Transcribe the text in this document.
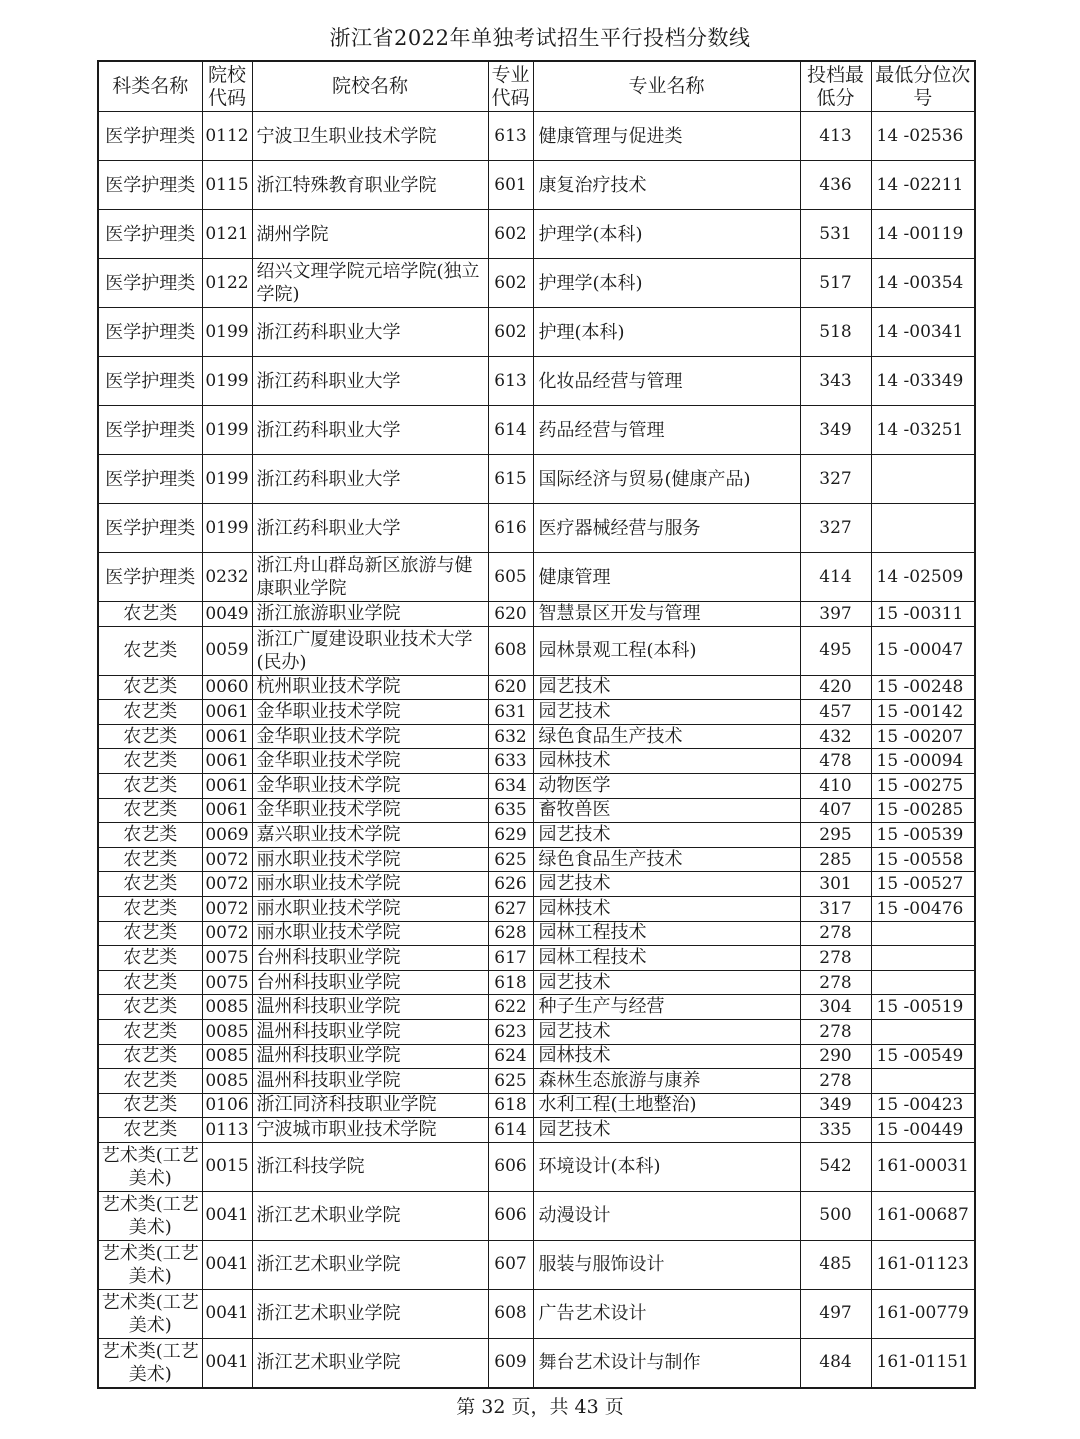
浙江省2022年单独考试招生平行投档分数线
科类名称	院校代码	院校名称	专业代码	专业名称	投档最低分	最低分位次号
医学护理类	0112	宁波卫生职业技术学院	613	健康管理与促进类	413	14 -02536
医学护理类	0115	浙江特殊教育职业学院	601	康复治疗技术	436	14 -02211
医学护理类	0121	湖州学院	602	护理学(本科)	531	14 -00119
医学护理类	0122	绍兴文理学院元培学院(独立学院)	602	护理学(本科)	517	14 -00354
医学护理类	0199	浙江药科职业大学	602	护理(本科)	518	14 -00341
医学护理类	0199	浙江药科职业大学	613	化妆品经营与管理	343	14 -03349
医学护理类	0199	浙江药科职业大学	614	药品经营与管理	349	14 -03251
医学护理类	0199	浙江药科职业大学	615	国际经济与贸易(健康产品)	327	
医学护理类	0199	浙江药科职业大学	616	医疗器械经营与服务	327	
医学护理类	0232	浙江舟山群岛新区旅游与健康职业学院	605	健康管理	414	14 -02509
农艺类	0049	浙江旅游职业学院	620	智慧景区开发与管理	397	15 -00311
农艺类	0059	浙江广厦建设职业技术大学(民办)	608	园林景观工程(本科)	495	15 -00047
农艺类	0060	杭州职业技术学院	620	园艺技术	420	15 -00248
农艺类	0061	金华职业技术学院	631	园艺技术	457	15 -00142
农艺类	0061	金华职业技术学院	632	绿色食品生产技术	432	15 -00207
农艺类	0061	金华职业技术学院	633	园林技术	478	15 -00094
农艺类	0061	金华职业技术学院	634	动物医学	410	15 -00275
农艺类	0061	金华职业技术学院	635	畜牧兽医	407	15 -00285
农艺类	0069	嘉兴职业技术学院	629	园艺技术	295	15 -00539
农艺类	0072	丽水职业技术学院	625	绿色食品生产技术	285	15 -00558
农艺类	0072	丽水职业技术学院	626	园艺技术	301	15 -00527
农艺类	0072	丽水职业技术学院	627	园林技术	317	15 -00476
农艺类	0072	丽水职业技术学院	628	园林工程技术	278	
农艺类	0075	台州科技职业学院	617	园林工程技术	278	
农艺类	0075	台州科技职业学院	618	园艺技术	278	
农艺类	0085	温州科技职业学院	622	种子生产与经营	304	15 -00519
农艺类	0085	温州科技职业学院	623	园艺技术	278	
农艺类	0085	温州科技职业学院	624	园林技术	290	15 -00549
农艺类	0085	温州科技职业学院	625	森林生态旅游与康养	278	
农艺类	0106	浙江同济科技职业学院	618	水利工程(土地整治)	349	15 -00423
农艺类	0113	宁波城市职业技术学院	614	园艺技术	335	15 -00449
艺术类(工艺美术)	0015	浙江科技学院	606	环境设计(本科)	542	161-00031
艺术类(工艺美术)	0041	浙江艺术职业学院	606	动漫设计	500	161-00687
艺术类(工艺美术)	0041	浙江艺术职业学院	607	服装与服饰设计	485	161-01123
艺术类(工艺美术)	0041	浙江艺术职业学院	608	广告艺术设计	497	161-00779
艺术类(工艺美术)	0041	浙江艺术职业学院	609	舞台艺术设计与制作	484	161-01151
第 32 页，共 43 页
